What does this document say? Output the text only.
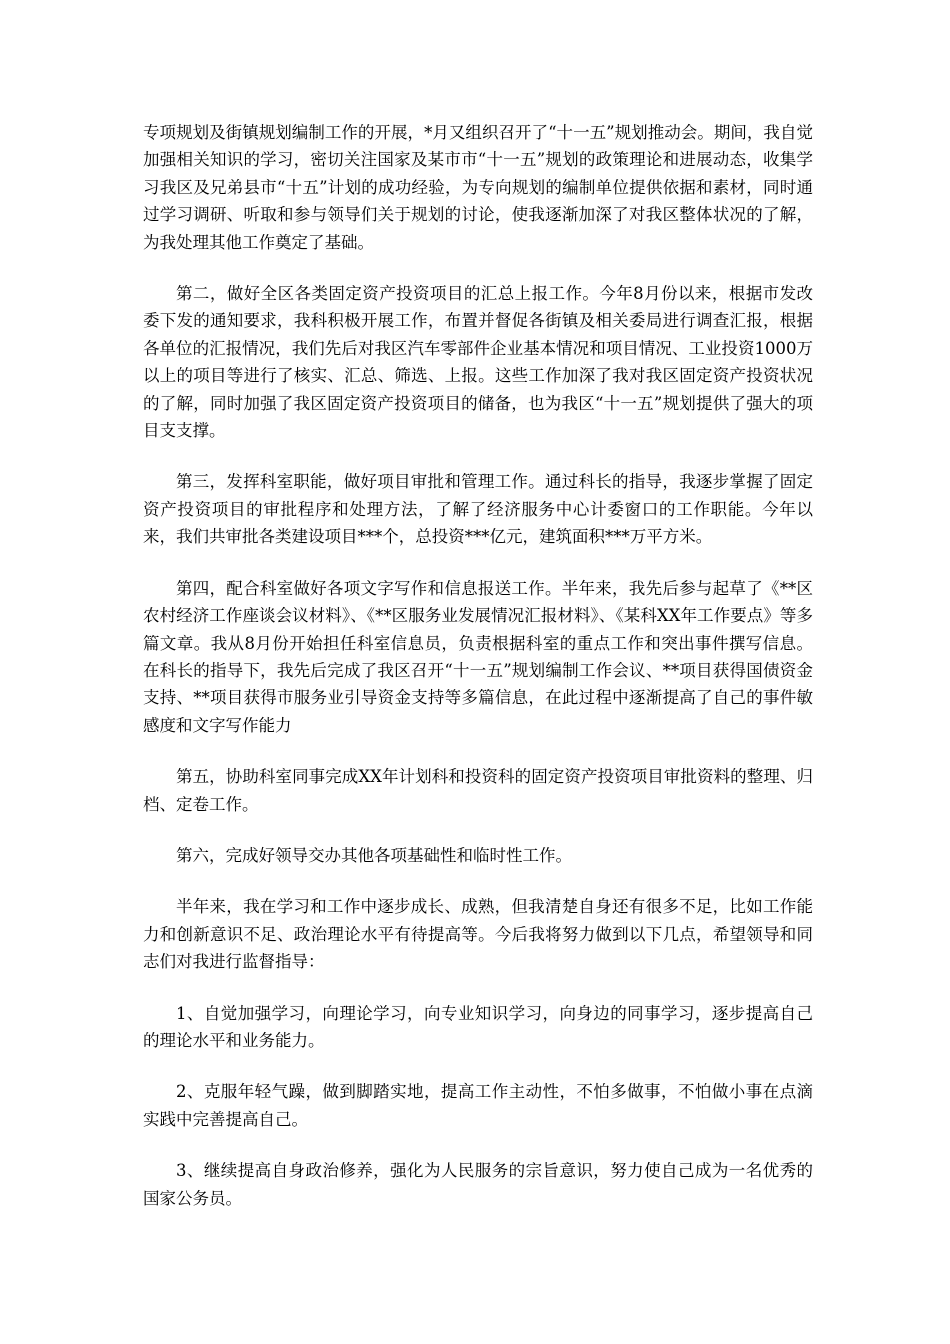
专项规划及街镇规划编制工作的开展，*月又组织召开了“十一五”规划推动会。期间，我自觉加强相关知识的学习，密切关注国家及某市市“十一五”规划的政策理论和进展动态，收集学习我区及兄弟县市“十五”计划的成功经验，为专向规划的编制单位提供依据和素材，同时通过学习调研、听取和参与领导们关于规划的讨论，使我逐渐加深了对我区整体状况的了解，为我处理其他工作奠定了基础。

第二，做好全区各类固定资产投资项目的汇总上报工作。今年8月份以来，根据市发改委下发的通知要求，我科积极开展工作，布置并督促各街镇及相关委局进行调查汇报，根据各单位的汇报情况，我们先后对我区汽车零部件企业基本情况和项目情况、工业投资1000万以上的项目等进行了核实、汇总、筛选、上报。这些工作加深了我对我区固定资产投资状况的了解，同时加强了我区固定资产投资项目的储备，也为我区“十一五”规划提供了强大的项目支支撑。

第三，发挥科室职能，做好项目审批和管理工作。通过科长的指导，我逐步掌握了固定资产投资项目的审批程序和处理方法，了解了经济服务中心计委窗口的工作职能。今年以来，我们共审批各类建设项目***个，总投资***亿元，建筑面积***万平方米。

第四，配合科室做好各项文字写作和信息报送工作。半年来，我先后参与起草了《**区农村经济工作座谈会议材料》、《**区服务业发展情况汇报材料》、《某科XX年工作要点》等多篇文章。我从8月份开始担任科室信息员，负责根据科室的重点工作和突出事件撰写信息。在科长的指导下，我先后完成了我区召开“十一五”规划编制工作会议、**项目获得国债资金支持、**项目获得市服务业引导资金支持等多篇信息，在此过程中逐渐提高了自己的事件敏感度和文字写作能力

第五，协助科室同事完成XX年计划科和投资科的固定资产投资项目审批资料的整理、归档、定卷工作。

第六，完成好领导交办其他各项基础性和临时性工作。

半年来，我在学习和工作中逐步成长、成熟，但我清楚自身还有很多不足，比如工作能力和创新意识不足、政治理论水平有待提高等。今后我将努力做到以下几点，希望领导和同志们对我进行监督指导：

1、自觉加强学习，向理论学习，向专业知识学习，向身边的同事学习，逐步提高自己的理论水平和业务能力。

2、克服年轻气躁，做到脚踏实地，提高工作主动性，不怕多做事，不怕做小事在点滴实践中完善提高自己。

3、继续提高自身政治修养，强化为人民服务的宗旨意识，努力使自己成为一名优秀的国家公务员。
